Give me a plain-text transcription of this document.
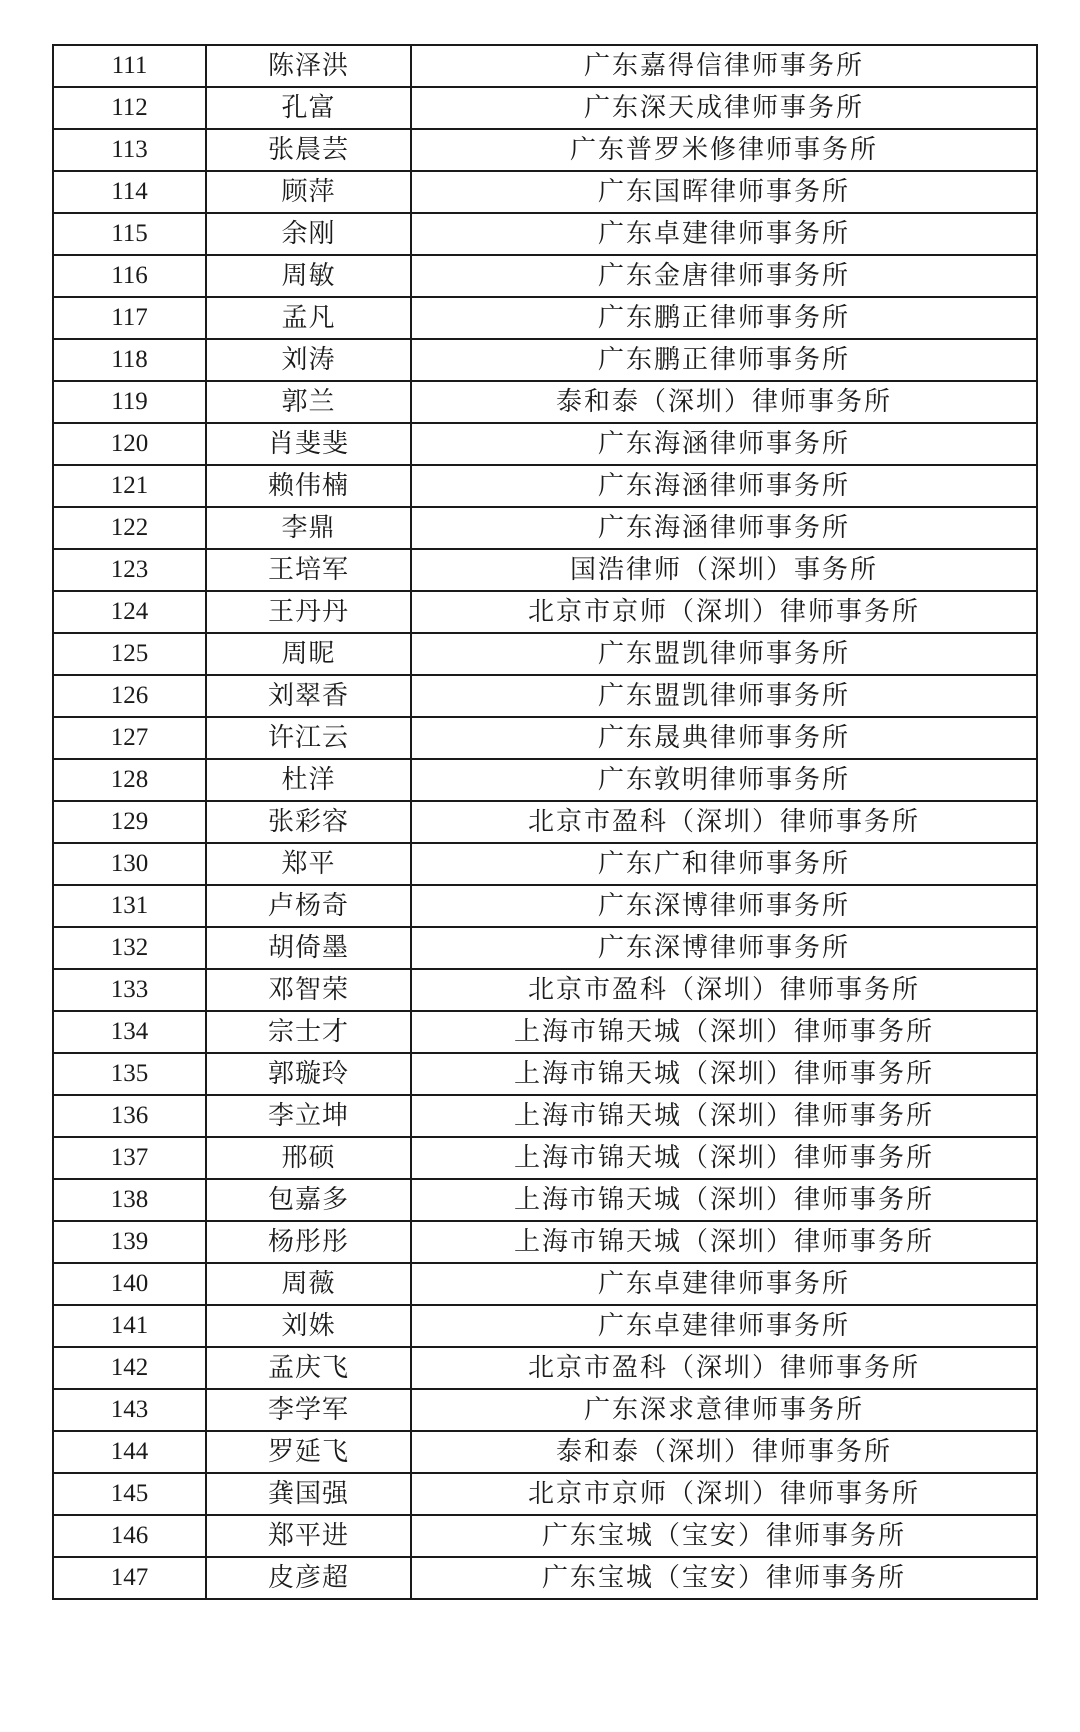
111	陈泽洪	广东嘉得信律师事务所
112	孔富	广东深天成律师事务所
113	张晨芸	广东普罗米修律师事务所
114	顾萍	广东国晖律师事务所
115	余刚	广东卓建律师事务所
116	周敏	广东金唐律师事务所
117	孟凡	广东鹏正律师事务所
118	刘涛	广东鹏正律师事务所
119	郭兰	泰和泰（深圳）律师事务所
120	肖斐斐	广东海涵律师事务所
121	赖伟楠	广东海涵律师事务所
122	李鼎	广东海涵律师事务所
123	王培军	国浩律师（深圳）事务所
124	王丹丹	北京市京师（深圳）律师事务所
125	周昵	广东盟凯律师事务所
126	刘翠香	广东盟凯律师事务所
127	许江云	广东晟典律师事务所
128	杜洋	广东敦明律师事务所
129	张彩容	北京市盈科（深圳）律师事务所
130	郑平	广东广和律师事务所
131	卢杨奇	广东深博律师事务所
132	胡倚墨	广东深博律师事务所
133	邓智荣	北京市盈科（深圳）律师事务所
134	宗士才	上海市锦天城（深圳）律师事务所
135	郭璇玲	上海市锦天城（深圳）律师事务所
136	李立坤	上海市锦天城（深圳）律师事务所
137	邢硕	上海市锦天城（深圳）律师事务所
138	包嘉多	上海市锦天城（深圳）律师事务所
139	杨彤彤	上海市锦天城（深圳）律师事务所
140	周薇	广东卓建律师事务所
141	刘姝	广东卓建律师事务所
142	孟庆飞	北京市盈科（深圳）律师事务所
143	李学军	广东深求意律师事务所
144	罗延飞	泰和泰（深圳）律师事务所
145	龚国强	北京市京师（深圳）律师事务所
146	郑平进	广东宝城（宝安）律师事务所
147	皮彦超	广东宝城（宝安）律师事务所
